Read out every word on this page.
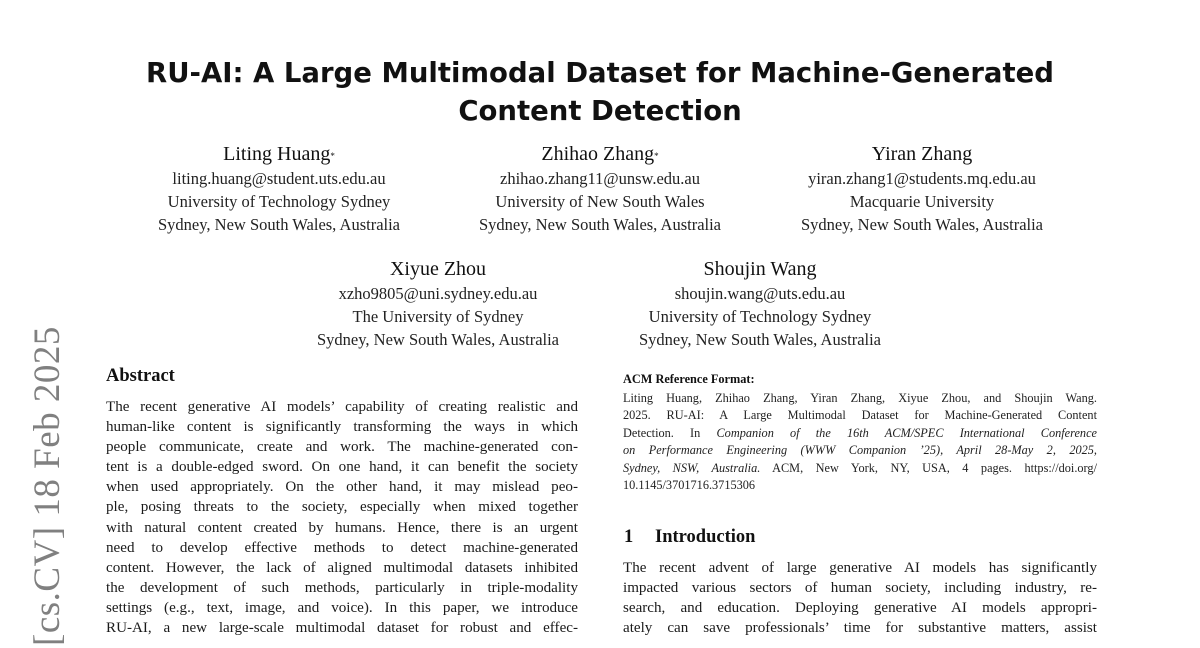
[cs.CV] 18 Feb 2025
RU-AI: A Large Multimodal Dataset for Machine-Generated
Content Detection
Liting Huang*
liting.huang@student.uts.edu.au
University of Technology Sydney
Sydney, New South Wales, Australia
Zhihao Zhang*
zhihao.zhang11@unsw.edu.au
University of New South Wales
Sydney, New South Wales, Australia
Yiran Zhang
yiran.zhang1@students.mq.edu.au
Macquarie University
Sydney, New South Wales, Australia
Xiyue Zhou
xzho9805@uni.sydney.edu.au
The University of Sydney
Sydney, New South Wales, Australia
Shoujin Wang
shoujin.wang@uts.edu.au
University of Technology Sydney
Sydney, New South Wales, Australia
Abstract

The recent generative AI models’ capability of creating realistic and
human-like content is significantly transforming the ways in which
people communicate, create and work. The machine-generated con-
tent is a double-edged sword. On one hand, it can benefit the society
when used appropriately. On the other hand, it may mislead peo-
ple, posing threats to the society, especially when mixed together
with natural content created by humans. Hence, there is an urgent
need to develop effective methods to detect machine-generated
content. However, the lack of aligned multimodal datasets inhibited
the development of such methods, particularly in triple-modality
settings (e.g., text, image, and voice). In this paper, we introduce
RU-AI, a new large-scale multimodal dataset for robust and effec-

ACM Reference Format:

Liting Huang, Zhihao Zhang, Yiran Zhang, Xiyue Zhou, and Shoujin Wang.
2025. RU-AI: A Large Multimodal Dataset for Machine-Generated Content
Detection. In Companion of the 16th ACM/SPEC International Conference
on Performance Engineering (WWW Companion ’25), April 28-May 2, 2025,
Sydney, NSW, Australia. ACM, New York, NY, USA, 4 pages. https://doi.org/
10.1145/3701716.3715306

1 Introduction

The recent advent of large generative AI models has significantly
impacted various sectors of human society, including industry, re-
search, and education. Deploying generative AI models appropri-
ately can save professionals’ time for substantive matters, assist
